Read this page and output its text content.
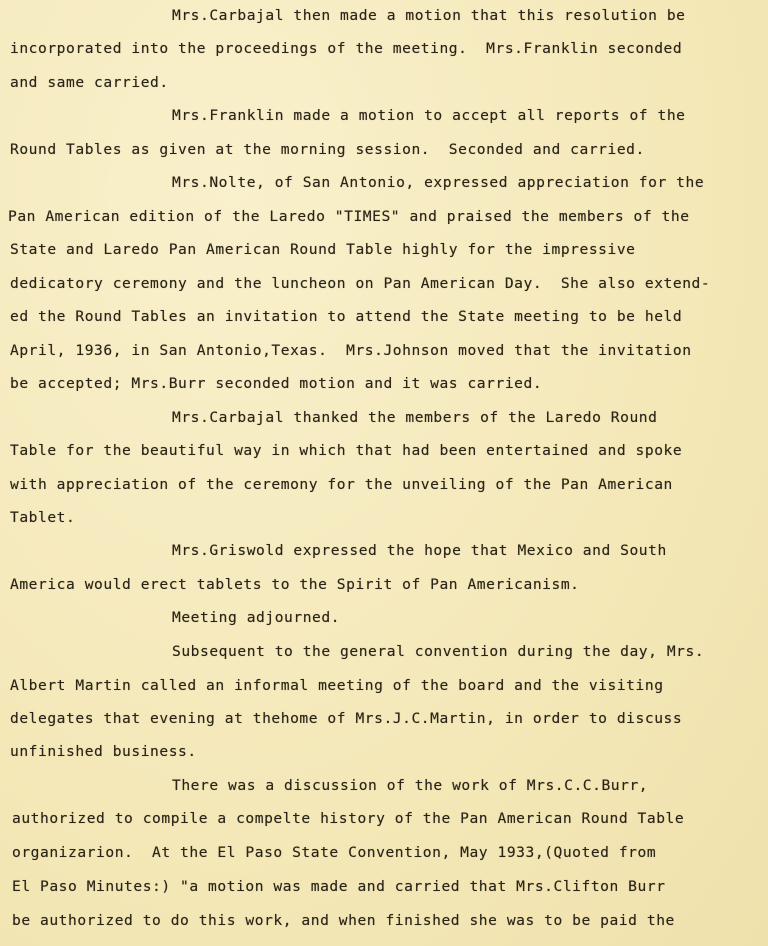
Mrs.Carbajal then made a motion that this resolution be
incorporated into the proceedings of the meeting.  Mrs.Franklin seconded
and same carried.
Mrs.Franklin made a motion to accept all reports of the
Round Tables as given at the morning session.  Seconded and carried.
Mrs.Nolte, of San Antonio, expressed appreciation for the
Pan American edition of the Laredo "TIMES" and praised the members of the
State and Laredo Pan American Round Table highly for the impressive
dedicatory ceremony and the luncheon on Pan American Day.  She also extend-
ed the Round Tables an invitation to attend the State meeting to be held
April, 1936, in San Antonio,Texas.  Mrs.Johnson moved that the invitation
be accepted; Mrs.Burr seconded motion and it was carried.
Mrs.Carbajal thanked the members of the Laredo Round
Table for the beautiful way in which that had been entertained and spoke
with appreciation of the ceremony for the unveiling of the Pan American
Tablet.
Mrs.Griswold expressed the hope that Mexico and South
America would erect tablets to the Spirit of Pan Americanism.
Meeting adjourned.
Subsequent to the general convention during the day, Mrs.
Albert Martin called an informal meeting of the board and the visiting
delegates that evening at thehome of Mrs.J.C.Martin, in order to discuss
unfinished business.
There was a discussion of the work of Mrs.C.C.Burr,
authorized to compile a compelte history of the Pan American Round Table
organizarion.  At the El Paso State Convention, May 1933,(Quoted from
El Paso Minutes:) "a motion was made and carried that Mrs.Clifton Burr
be authorized to do this work, and when finished she was to be paid the
